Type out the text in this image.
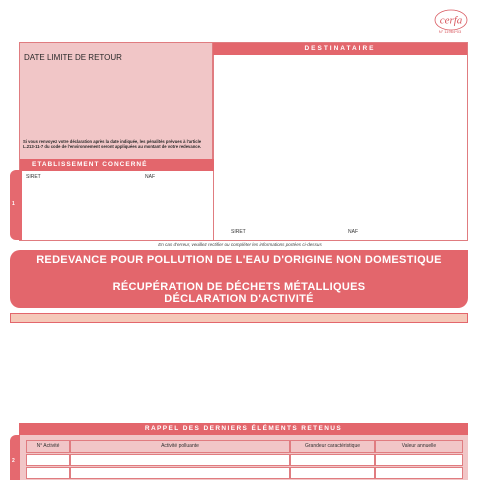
cerfa
N° 11964*03
DATE LIMITE DE RETOUR
Si vous renvoyez votre déclaration après la date indiquée, les pénalités prévues à l'article L.213-11-7 du code de l'environnement seront appliquées au montant de votre redevance.
DESTINATAIRE
ETABLISSEMENT CONCERNÉ
1
SIRET	NAF
SIRET	NAF
En cas d'erreur, veuillez rectifier ou compléter les informations portées ci-dessus
REDEVANCE POUR POLLUTION DE L'EAU D'ORIGINE NON DOMESTIQUE
RÉCUPÉRATION DE DÉCHETS MÉTALLIQUES
DÉCLARATION D'ACTIVITÉ
RAPPEL DES DERNIERS ÉLÉMENTS RETENUS
2
N° Activité	Activité polluante	Grandeur caractéristique	Valeur annuelle
